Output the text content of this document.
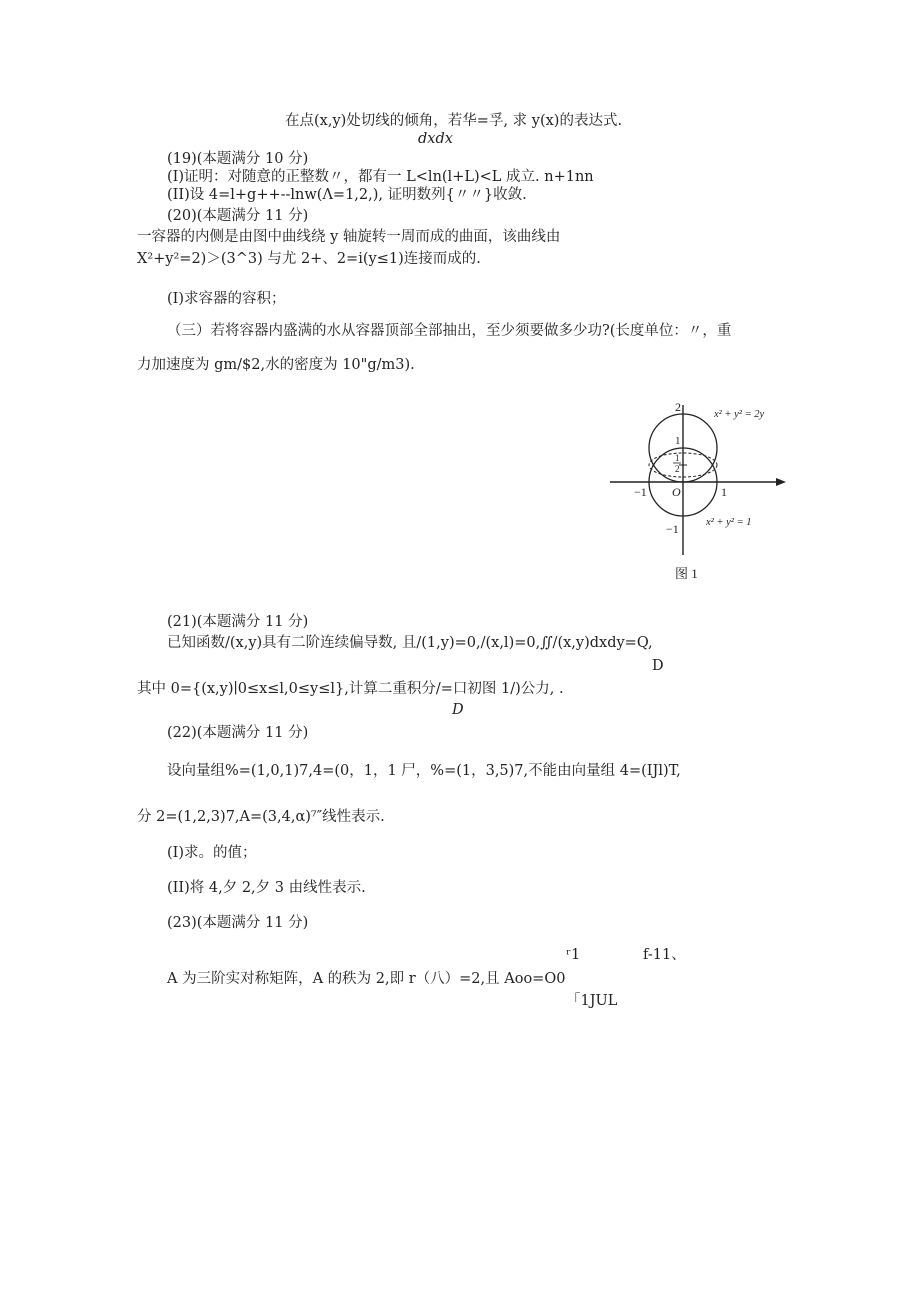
在点(x,y)处切线的倾角，若华=孚, 求 y(x)的表达式.
dxdx
(19)(本题满分 10 分)
(I)证明：对随意的正整数〃，都有一 L<ln(l+L)<L 成立. n+1nn
(II)设 4=l+g++--lnw(Λ=1,2,), 证明数列{〃〃}收敛.
(20)(本题满分 11 分)
一容器的内侧是由图中曲线绕 y 轴旋转一周而成的曲面，该曲线由
X²+y²=2)＞(3^3) 与尤 2+、2=i(y≤1)连接而成的.
(I)求容器的容积；
（三）若将容器内盛满的水从容器顶部全部抽出，至少须要做多少功?(长度单位：〃，重
力加速度为 gm/$2,水的密度为 10"g/m3).
2
1
1
2
O
−1	1
−1
x² + y² = 2y
x² + y² = 1
图 1
(21)(本题满分 11 分)
已知函数/(x,y)具有二阶连续偏导数, 且/(1,y)=0,/(x,l)=0,∬/(x,y)dxdy=Q,
D
其中 0={(x,y)∣0≤x≤l,0≤y≤l},计算二重积分/=口初图 1/)公力, .
D
(22)(本题满分 11 分)
设向量组%=(1,0,1)7,4=(0，1，1 尸，%=(1，3,5)7,不能由向量组 4=(IJl)T,
分 2=(1,2,3)7,A=(3,4,α)⁷″线性表示.
(I)求。的值；
(II)将 4,夕 2,夕 3 由线性表示.
(23)(本题满分 11 分)
ʳ1	f-11、
A 为三阶实对称矩阵，A 的秩为 2,即 r（八）=2,且 Aoo=O0
「1JUL
